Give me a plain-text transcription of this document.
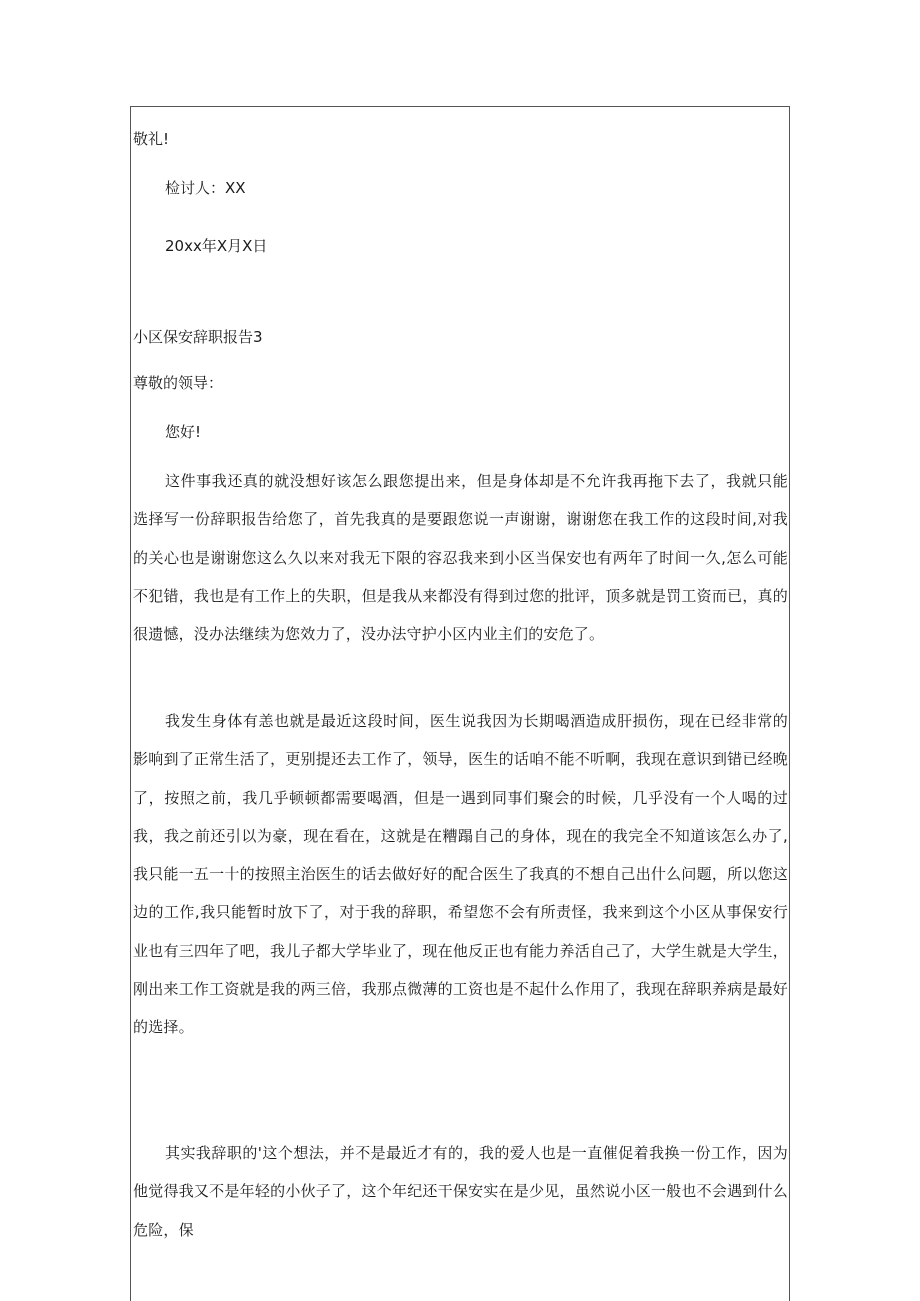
敬礼!
检讨人：XX
20xx年X月X日
小区保安辞职报告3
尊敬的领导：
您好!

这件事我还真的就没想好该怎么跟您提出来，但是身体却是不允许我再拖下去了，我就只能选择写一份辞职报告给您了，首先我真的是要跟您说一声谢谢，谢谢您在我工作的这段时间,对我的关心也是谢谢您这么久以来对我无下限的容忍我来到小区当保安也有两年了时间一久,怎么可能不犯错，我也是有工作上的失职，但是我从来都没有得到过您的批评，顶多就是罚工资而已，真的很遗憾，没办法继续为您效力了，没办法守护小区内业主们的安危了。

我发生身体有恙也就是最近这段时间，医生说我因为长期喝酒造成肝损伤，现在已经非常的影响到了正常生活了，更别提还去工作了，领导，医生的话咱不能不听啊，我现在意识到错已经晚了，按照之前，我几乎顿顿都需要喝酒，但是一遇到同事们聚会的时候，几乎没有一个人喝的过我，我之前还引以为豪，现在看在，这就是在糟蹋自己的身体，现在的我完全不知道该怎么办了,我只能一五一十的按照主治医生的话去做好好的配合医生了我真的不想自己出什么问题，所以您这边的工作,我只能暂时放下了，对于我的辞职，希望您不会有所责怪，我来到这个小区从事保安行业也有三四年了吧，我儿子都大学毕业了，现在他反正也有能力养活自己了，大学生就是大学生，刚出来工作工资就是我的两三倍，我那点微薄的工资也是不起什么作用了，我现在辞职养病是最好的选择。

其实我辞职的'这个想法，并不是最近才有的，我的爱人也是一直催促着我换一份工作，因为他觉得我又不是年轻的小伙子了，这个年纪还干保安实在是少见，虽然说小区一般也不会遇到什么危险，保
